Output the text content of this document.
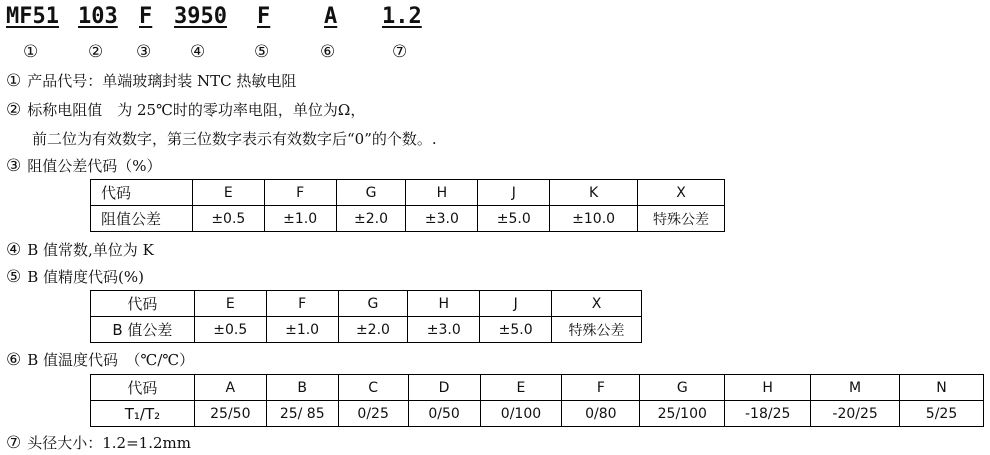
MF51 103 F 3950 F A 1.2
①	② ③ ④	⑤	⑥	⑦
① 产品代号：单端玻璃封装 NTC 热敏电阻
② 标称电阻值　为 25℃时的零功率电阻，单位为Ω，
前二位为有效数字，第三位数字表示有效数字后“0”的个数。.
③ 阻值公差代码（%）
代码	E	F	G	H	J	K	X
阻值公差	±0.5	±1.0	±2.0	±3.0	±5.0	±10.0	特殊公差
④ B 值常数,单位为 K
⑤ B 值精度代码(%)
代码	E	F	G	H	J	X
B 值公差	±0.5	±1.0	±2.0	±3.0	±5.0	特殊公差
⑥ B 值温度代码　（℃/℃）
代码	A	B	C	D	E	F	G	H	M	N
T₁/T₂	25/50	25/ 85	0/25	0/50	0/100	0/80	25/100	-18/25	-20/25	5/25
⑦ 头径大小：1.2=1.2mm
